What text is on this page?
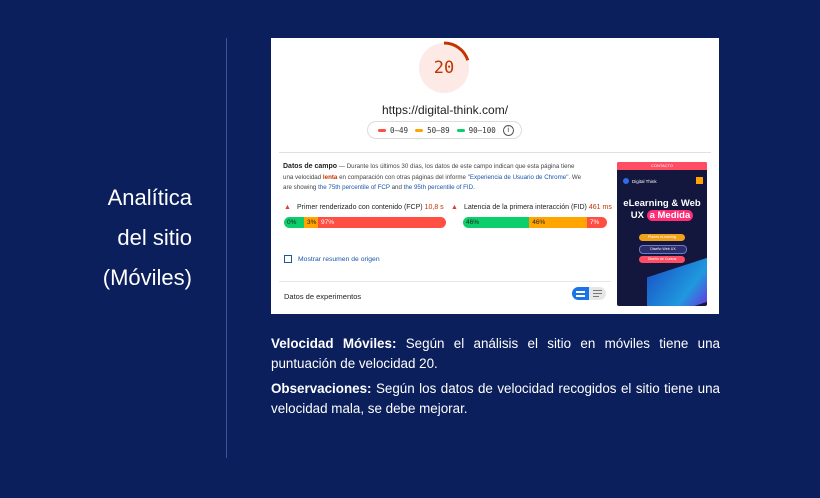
Analítica
del sitio
(Móviles)
20
https://digital-think.com/
0–49	50–89	90–100	i
Datos de campo — Durante los últimos 30 días, los datos de este campo indican que esta página tiene una velocidad lenta en comparación con otras páginas del informe "Experiencia de Usuario de Chrome". We are showing the 75th percentile of FCP and the 95th percentile of FID.
▲ Primer renderizado con contenido (FCP) 10,8 s
0%	3% 97%
▲ Latencia de la primera interacción (FID) 461 ms
46%	46%	7%
Mostrar resumen de origen
Datos de experimentos
CONTACTO
Digital Think
eLearning & Web
UX a Medida
Planes eLearning
Diseño Web UX
Diseño de Cursos
Velocidad Móviles: Según el análisis el sitio en móviles tiene una puntuación de velocidad 20.
Observaciones: Según los datos de velocidad recogidos el sitio tiene una velocidad mala, se debe mejorar.
